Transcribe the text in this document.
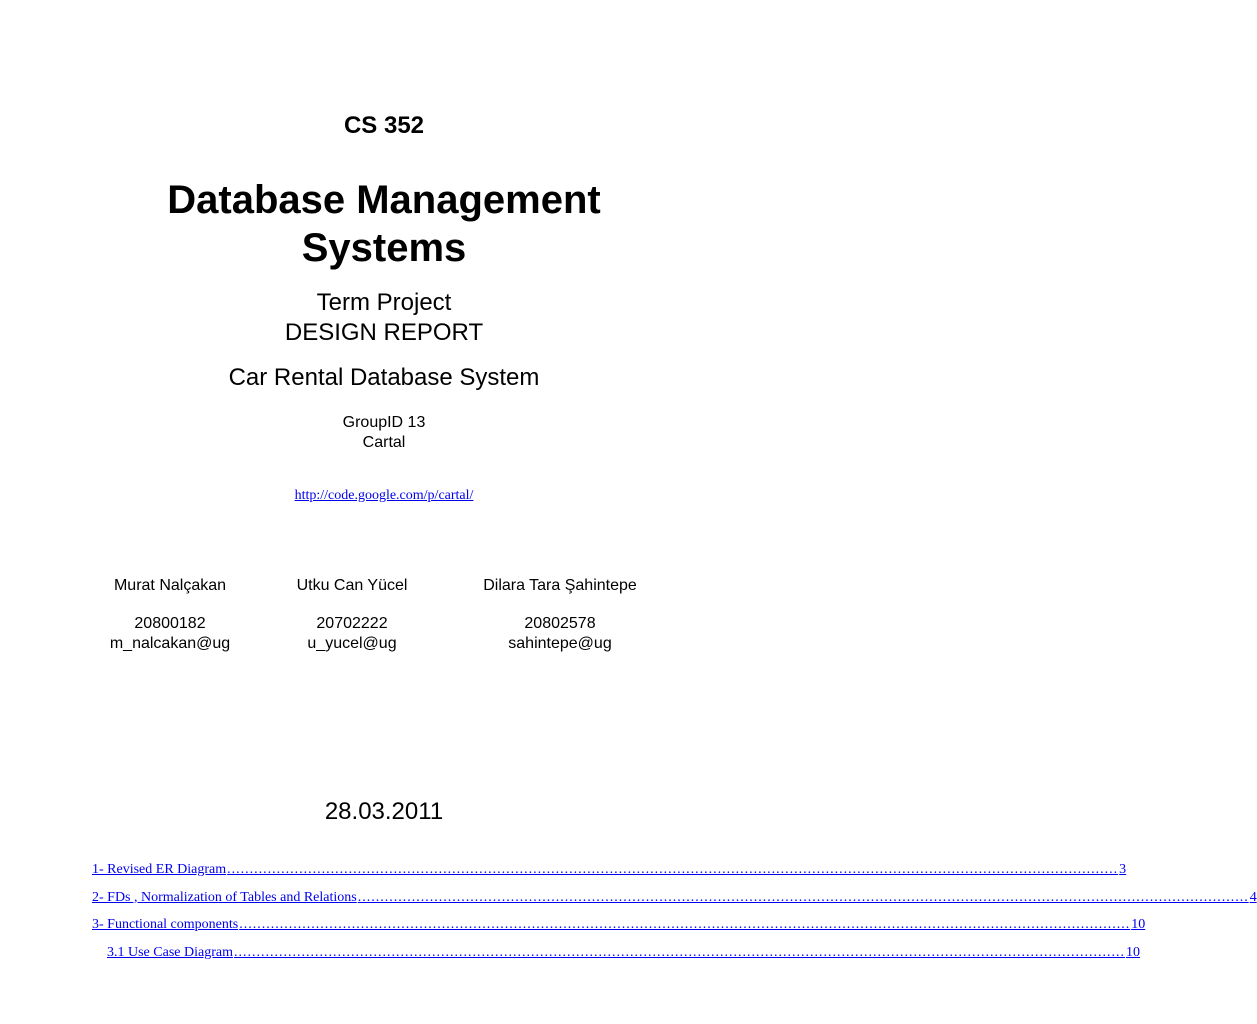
CS 352
Database Management
Systems
Term Project
DESIGN REPORT
Car Rental Database System
GroupID 13
Cartal
http://code.google.com/p/cartal/
Murat Nalçakan
20800182
m_nalcakan@ug
Utku Can Yücel
20702222
u_yucel@ug
Dilara Tara Şahintepe
20802578
sahintepe@ug
28.03.2011
1- Revised ER Diagram ...................................................................................................................................................................................................... 3
2- FDs , Normalization of Tables and Relations ...................................................................................................................................................................................................... 4
3- Functional components ...................................................................................................................................................................................................... 10
3.1 Use Case Diagram ...................................................................................................................................................................................................... 10
